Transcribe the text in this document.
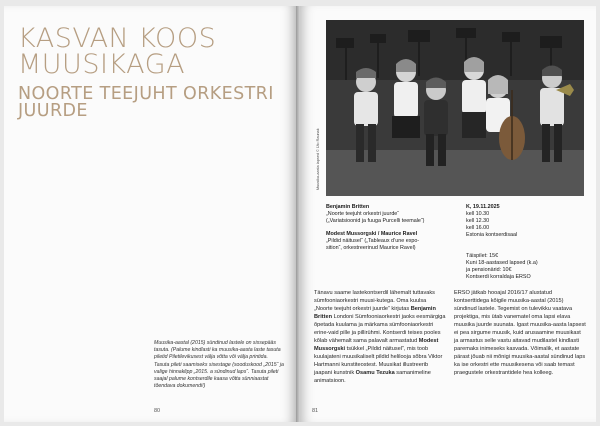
KASVAN KOOS MUUSIKAGA
NOORTE TEEJUHT ORKESTRI JUURDE
Muusika-aastal (2015) sündinud lastele on sissepääs tasuta. (Palume kindlasti ka muusika-aasta laste tasuta piletid Piletilevikusest välja võtta või välja printida. Tasuta pileti saamiseks sisestage (sooduskood „2015“ ja valige hinnaklipp „2015. a sündinud laps“. Tasuta pileti saajal palume kontserdile kaasa võtta sünniaastat tõendava dokumendi!)
80
Muusika-aasta lapsed © Ülo Raunak
Benjamin Britten
„Noorte teejuht orkestri juurde“
(„Variatsioonid ja fuuga Purcelli teemale“)
Modest Mussorgski / Maurice Ravel
„Pildid näitusel“ („Tableaux d’une expo-
sition“, orkestreerinud Maurice Ravel)
K, 19.11.2025
kell 10.30
kell 12.30
kell 16.00
Estonia kontserdisaal
Täispilet: 15€
Kuni 18-aastased lapsed (k.a)
ja pensionärid: 10€
Kontserdi korraldaja ERSO
Tänavu saame lastekontserdil lähemalt tuttavaks sümfooniaorkestri muusi-kutega. Oma kuulsa „Noorte teejuht orkestri juurde“ kirjutas Benjamin Britten Londoni Sümfooniaorkestri jaoks eesmärgiga õpetada kuulama ja märkama sümfooniaorkestri erine-vaid pille ja pillirühmi. Kontserdi teises pooles kõlab vähemalt sama palavalt armastatud Modest Mussorgski tsükkel „Pildid näitusel“, mis toob kuulajateni muusikaliselt pildid helilooja sõbra Viktor Hartmanni kunstiteostest. Muusikat illustreerib jaapani kunstnik Osamu Tezuka samanimeline animatsioon.
ERSO jätkab hooajal 2016/17 alustatud kontserttidega kõigile muusika-aastal (2015) sündinud lastele. Tegemist on tulevikku vaatava projektiga, mis ütab vanematel oma lapsi elava muusika juurde suunata. Igast muusika-aasta lapsest ei pea sirgume muusik, kuid arusaamine muusikast ja armastus selle vastu aitavad mudilastel kindlasti paremaks inimeseks kasvada. Võimalik, et aastate pärast jõuab nii mõnigi muusika-aastal sündinud laps ka ise orkestri ette muusikesena või saab temast praegustele orkestrantidele hea kolleeg.
81
